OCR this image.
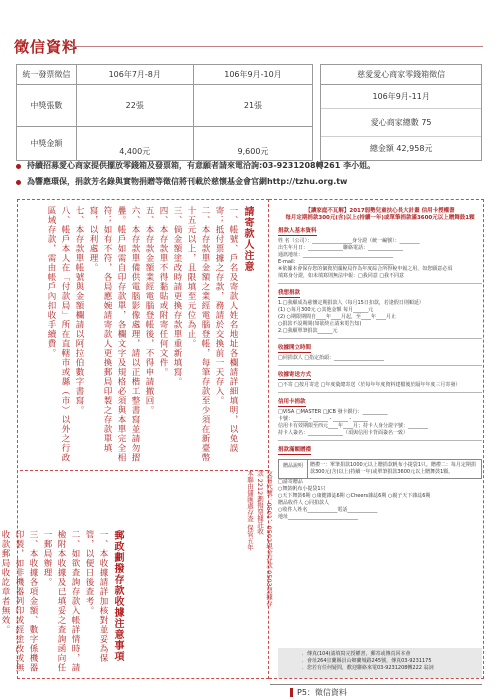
徵信資料
統一發票徵信	106年7月-8月	106年9月-10月		慈愛愛心商家零錢箱徵信
中獎張數	22張	21張		106年9月-11月
愛心商家總數 75
總金額 42,958元

中獎金額	4,400元	9,600元		
持續招募愛心商家提供擺放零錢箱及發票箱，有意願者請來電洽詢:03-9231208轉261 李小姐。
為響應環保，捐款芳名錄與實物捐贈等徵信將刊載於慈懷基金會官網http://tzhu.org.tw
請寄款人注意
一、帳號、戶名及寄款人姓名地址各欄請詳細填明，以免誤寄；抵付票據之存款，務請於交換前一天存入。
二、本存款單金額之業經電腦登帳，每筆存款至少須在新臺幣十五元以上，且限填至元位為止。
三、倘金額塗改時請更換存款單重新填寫。
四、本存款單不得黏貼或附寄任何文件。
五、本存款金額業經電腦登帳後，不得申請撤回。
六、本存款單備供電腦影像處理，請以正楷工整書寫並請勿摺疊。帳戶如需自印存款單，各欄文字及規格必須與本單完全相符；如有不符，各局應婉請寄款人更換郵局印製之存款單填寫，以利處理。
七、本存款單帳號與金額欄請以阿拉伯數字書寫。
八、帳戶本人在「付款局」所在直轄市或縣（市）以外之行政區域存款，需由帳戶內扣收手續費。
交易代號：0501、0502現金存款 0503票據存款 2212劃撥票據託收
本聯由儲匯處存查 保管五年
郵政劃撥存款收據注意事項
一、本收據請詳加核對並妥為保管，以便日後查考。
二、如欲查詢存款入帳詳情時，請檢附本收據及已填妥之查詢函向任一郵局辦理。
三、本收據各項金額、數字係機器印製，如非機器列印或經塗改或無收款郵局收訖章者無效。
【讓家庭不瓦解】2017弱勢兒童扶心長大計畫 信用卡授權書
每月定期捐款300元(含)以上(持續一年)或單筆捐款滿3600元以上贈舞鼓1顆
捐款人基本資料
姓 名（公司）：________________身分證（統一編號）：________
出生年月日：______________聯絡電話：______________
通訊地址：____________________________________
E-mail：______________________________________
※依據本會保存您的個資於國稅局作為年度綜合所得稅申報之用，如您願意必須
填寫身分證，如未填寫則無法申報：□我同意 □我不同意
我想捐款
1.□我願成為慈懷定期捐款人（每月15日扣款，若逢假日則順延）
(1) ○每月300元 ○其他金額 每月______元
(2) ○期限期間自____年____月起，至____年____月止
○捐款不設期間(如欲終止請來電告知)
2.□我願單筆捐款______元
收據開立時間
□同捐款人 □指定抬頭：____________________
收據寄送方式
□不寄 □按月寄送 □年度彙總寄送（於每年年度資料建檔後於隔年年度三月寄發）
信用卡捐款
□VISA □MASTER □JCB 發卡銀行：__________
卡號：______ - ______ - ______ - ______
信用卡有效期限至西元____年____月；持卡人身分證字號：________
持卡人簽名：______________（須與信用卡背面簽名一致）
捐款滿額贈禮
贈品說明	贈禮一：單筆捐款1000元以上贈捐款帆布小提袋1只。贈禮二：每月定期捐款300元(含)以上(持續一年)或單筆捐款3600元以上贈舞鼓1顆。
□請寄贈品
○舞鼓帆布小提袋1只
○天下舞鼓6期 ○康健雜誌6期 ○Cheers雜誌6期 ○親子天下雜誌6期
贈品收件人 ○同捐款人
○收件人姓名____________電話____________
地址____________________________
．傳真(104)請填寫完授權書，郵寄或傳真回本會
．會址264宜蘭縣員山鄉蘭城路245號，傳真03-9231175
．您若有任何疑問，歡迎聯絡來電03-9231208轉222 翁詞
P5：徵信資料
